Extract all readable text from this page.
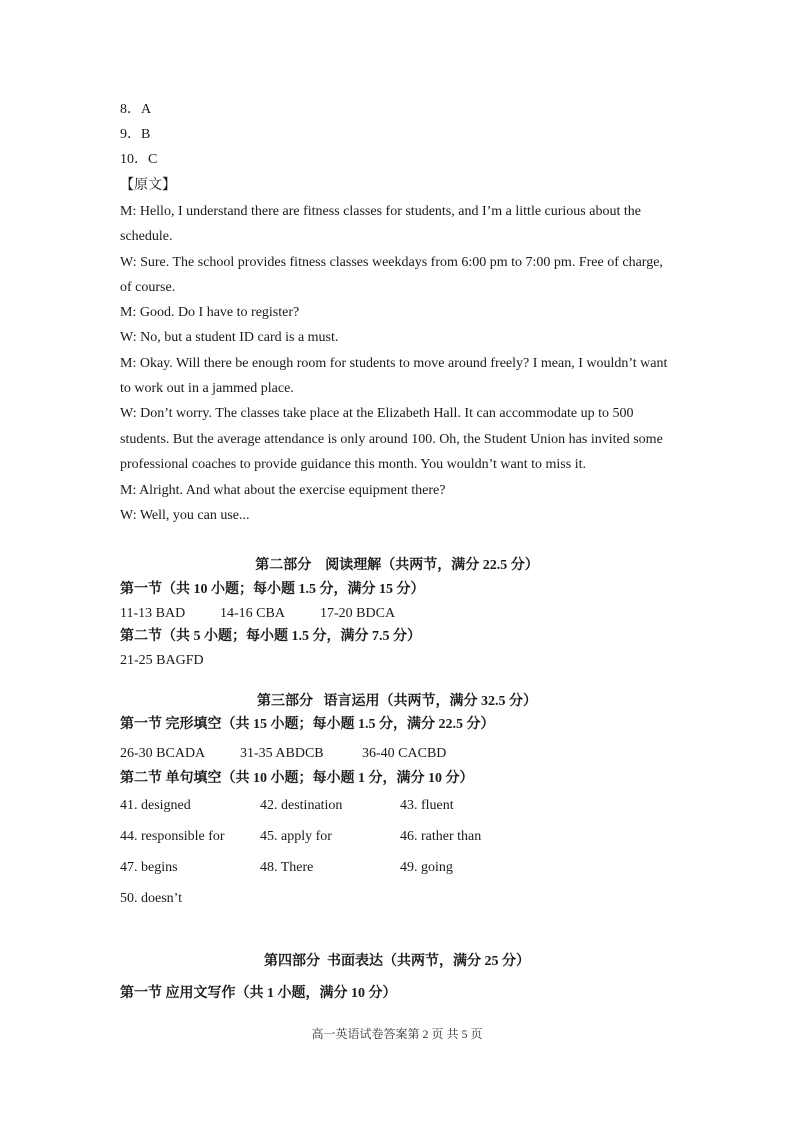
8．A
9．B
10．C
【原文】
M: Hello, I understand there are fitness classes for students, and I’m a little curious about the
schedule.
W: Sure. The school provides fitness classes weekdays from 6:00 pm to 7:00 pm. Free of charge,
of course.
M: Good. Do I have to register?
W: No, but a student ID card is a must.
M: Okay. Will there be enough room for students to move around freely? I mean, I wouldn’t want
to work out in a jammed place.
W: Don’t worry. The classes take place at the Elizabeth Hall. It can accommodate up to 500
students. But the average attendance is only around 100. Oh, the Student Union has invited some
professional coaches to provide guidance this month. You wouldn’t want to miss it.
M: Alright. And what about the exercise equipment there?
W: Well, you can use...
第二部分    阅读理解（共两节，满分 22.5 分）
第一节（共 10 小题；每小题 1.5 分，满分 15 分）
11-13 BAD 14-16 CBA	17-20 BDCA
第二节（共 5 小题；每小题 1.5 分，满分 7.5 分）
21-25 BAGFD
第三部分   语言运用（共两节，满分 32.5 分）
第一节 完形填空（共 15 小题；每小题 1.5 分，满分 22.5 分）
26-30 BCADA 31-35 ABDCB	36-40 CACBD
第二节 单句填空（共 10 小题；每小题 1 分，满分 10 分）
41. designed	42. destination	43. fluent
44. responsible for	45. apply for	46. rather than
47. begins	48. There	49. going
50. doesn’t
第四部分  书面表达（共两节，满分 25 分）
第一节 应用文写作（共 1 小题，满分 10 分）
高一英语试卷答案第 2 页 共 5 页
